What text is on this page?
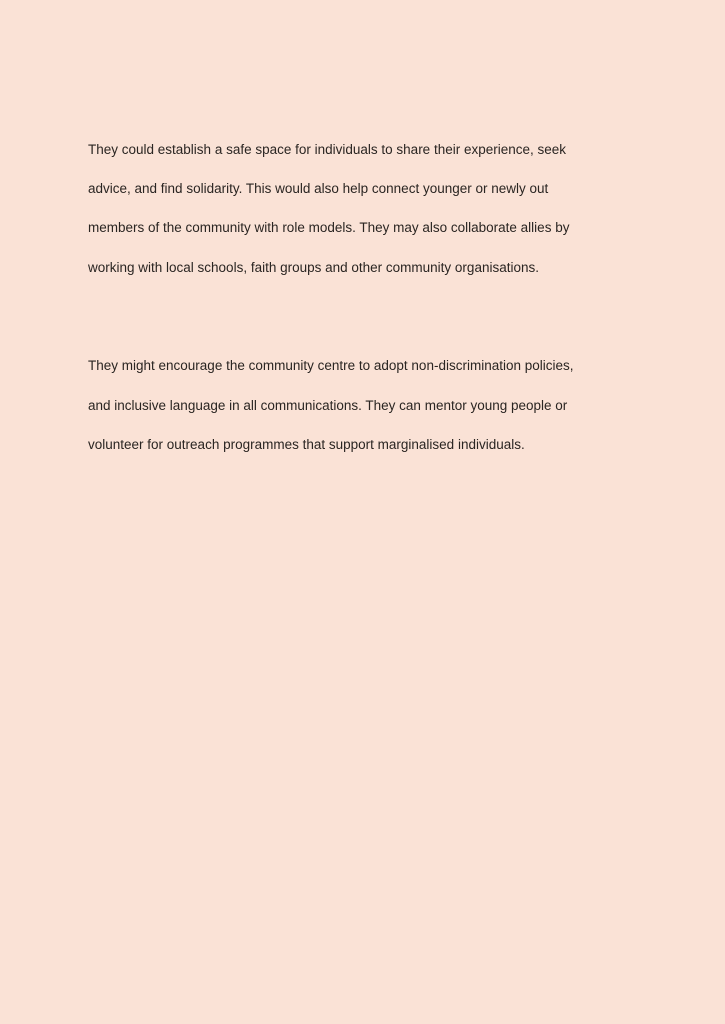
They could establish a safe space for individuals to share their experience, seek
advice, and find solidarity. This would also help connect younger or newly out
members of the community with role models. They may also collaborate allies by
working with local schools, faith groups and other community organisations.
They might encourage the community centre to adopt non-discrimination policies,
and inclusive language in all communications. They can mentor young people or
volunteer for outreach programmes that support marginalised individuals.
